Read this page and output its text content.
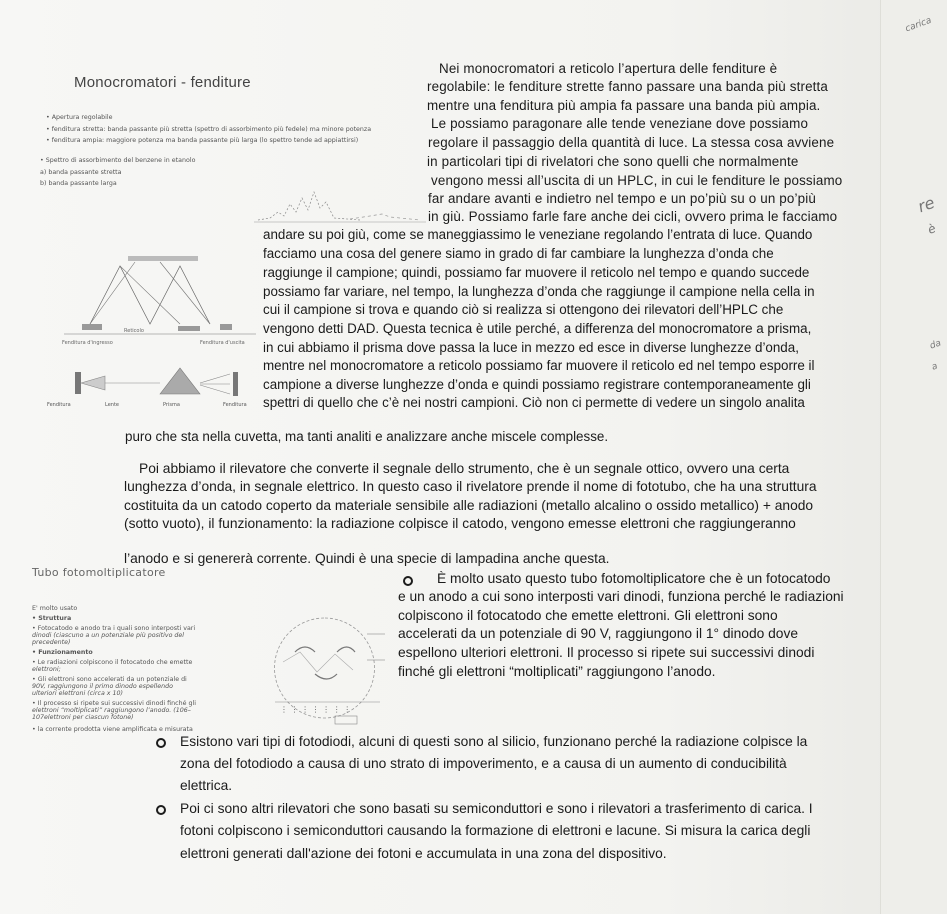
carica
re
è
da
a
Monocromatori - fenditure
• Apertura regolabile
• fenditura stretta: banda passante più stretta (spettro di assorbimento più fedele) ma minore potenza
• fenditura ampia: maggiore potenza ma banda passante più larga (lo spettro tende ad appiattirsi)
• Spettro di assorbimento del benzene in etanolo
a) banda passante stretta
b) banda passante larga
Fenditura d'ingresso
Reticolo
Fenditura d'uscita
Fenditura	Lente	Prisma	Fenditura
Nei monocromatori a reticolo l’apertura delle fenditure è
regolabile: le fenditure strette fanno passare una banda più stretta
mentre una fenditura più ampia fa passare una banda più ampia.
Le possiamo paragonare alle tende veneziane dove possiamo
regolare il passaggio della quantità di luce. La stessa cosa avviene
in particolari tipi di rivelatori che sono quelli che normalmente
vengono messi all’uscita di un HPLC, in cui le fenditure le possiamo
far andare avanti e indietro nel tempo e un po’più su o un po’più
in giù. Possiamo farle fare anche dei cicli, ovvero prima le facciamo
andare su poi giù, come se maneggiassimo le veneziane regolando l’entrata di luce. Quando
facciamo una cosa del genere siamo in grado di far cambiare la lunghezza d’onda che
raggiunge il campione; quindi, possiamo far muovere il reticolo nel tempo e quando succede
possiamo far variare, nel tempo, la lunghezza d’onda che raggiunge il campione nella cella in
cui il campione si trova e quando ciò si realizza si ottengono dei rilevatori dell’HPLC che
vengono detti DAD. Questa tecnica è utile perché, a differenza del monocromatore a prisma,
in cui abbiamo il prisma dove passa la luce in mezzo ed esce in diverse lunghezze d’onda,
mentre nel monocromatore a reticolo possiamo far muovere il reticolo ed nel tempo esporre il
campione a diverse lunghezze d’onda e quindi possiamo registrare contemporaneamente gli
spettri di quello che c’è nei nostri campioni. Ciò non ci permette di vedere un singolo analita
puro che sta nella cuvetta, ma tanti analiti e analizzare anche miscele complesse.
Poi abbiamo il rilevatore che converte il segnale dello strumento, che è un segnale ottico, ovvero una certa
lunghezza d’onda, in segnale elettrico. In questo caso il rivelatore prende il nome di fototubo, che ha una struttura
costituita da un catodo coperto da materiale sensibile alle radiazioni (metallo alcalino o ossido metallico) + anodo
(sotto vuoto), il funzionamento: la radiazione colpisce il catodo, vengono emesse elettroni che raggiungeranno
l’anodo e si genererà corrente. Quindi è una specie di lampadina anche questa.
Tubo fotomoltiplicatore
E' molto usato
• Struttura
• Fotocatodo e anodo tra i quali sono interposti vari
dinodi (ciascuno a un potenziale più positivo del
precedente)
• Funzionamento
• Le radiazioni colpiscono il fotocatodo che emette
elettroni;
• Gli elettroni sono accelerati da un potenziale di
90V, raggiungono il primo dinodo espellendo
ulteriori elettroni (circa x 10)
• Il processo si ripete sui successivi dinodi finché gli
elettroni “moltiplicati” raggiungono l’anodo. (106–
107elettroni per ciascun fotone)
• la corrente prodotta viene amplificata e misurata
⋮ ⋮ ⋮ ⋮ ⋮ ⋮ ⋮
È molto usato questo tubo fotomoltiplicatore che è un fotocatodo
e un anodo a cui sono interposti vari dinodi, funziona perché le radiazioni
colpiscono il fotocatodo che emette elettroni. Gli elettroni sono
accelerati da un potenziale di 90 V, raggiungono il 1° dinodo dove
espellono ulteriori elettroni. Il processo si ripete sui successivi dinodi
finché gli elettroni “moltiplicati” raggiungono l’anodo.
Esistono vari tipi di fotodiodi, alcuni di questi sono al silicio, funzionano perché la radiazione colpisce la
zona del fotodiodo a causa di uno strato di impoverimento, e a causa di un aumento di conducibilità
elettrica.
Poi ci sono altri rilevatori che sono basati su semiconduttori e sono i rilevatori a trasferimento di carica. I
fotoni colpiscono i semiconduttori causando la formazione di elettroni e lacune. Si misura la carica degli
elettroni generati dall'azione dei fotoni e accumulata in una zona del dispositivo.
